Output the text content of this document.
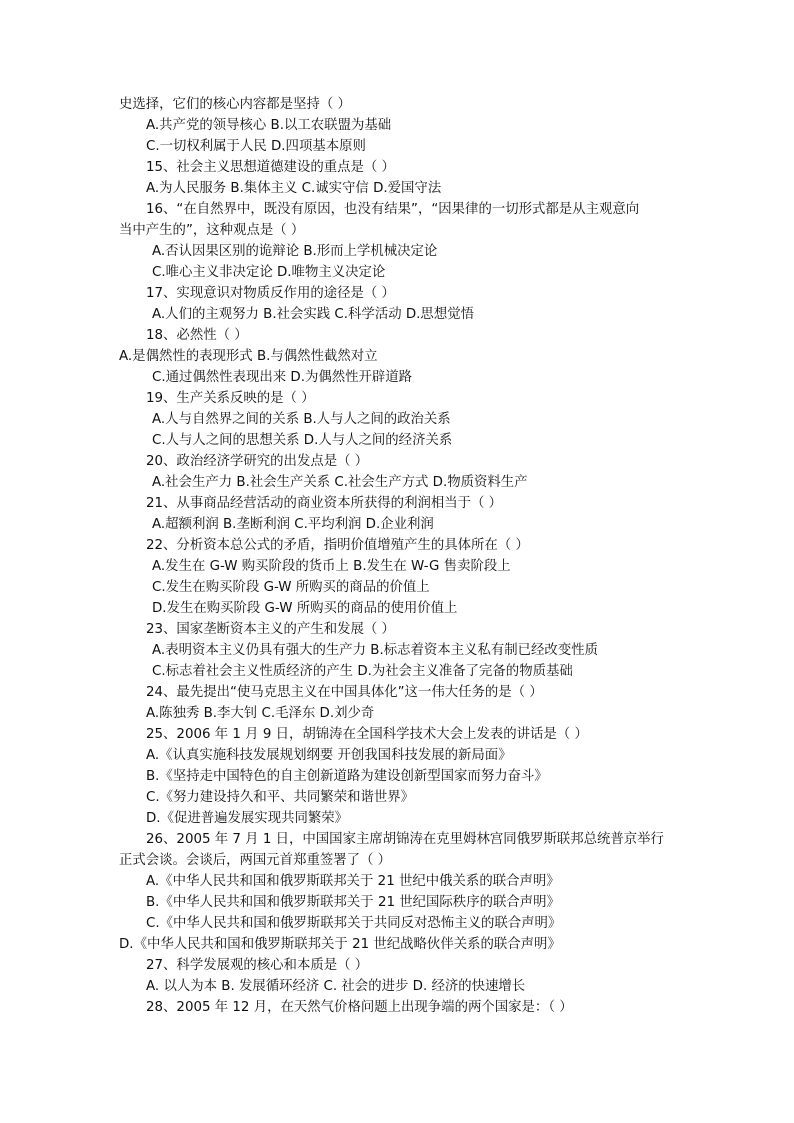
史选择，它们的核心内容都是坚持（ ）
A.共产党的领导核心 B.以工农联盟为基础
C.一切权利属于人民 D.四项基本原则
15、社会主义思想道德建设的重点是（ ）
A.为人民服务 B.集体主义 C.诚实守信 D.爱国守法
16、“在自然界中，既没有原因，也没有结果”，“因果律的一切形式都是从主观意向
当中产生的”，这种观点是（ ）
A.否认因果区别的诡辩论 B.形而上学机械决定论
C.唯心主义非决定论 D.唯物主义决定论
17、实现意识对物质反作用的途径是（ ）
A.人们的主观努力 B.社会实践 C.科学活动 D.思想觉悟
18、必然性（ ）
A.是偶然性的表现形式 B.与偶然性截然对立
C.通过偶然性表现出来 D.为偶然性开辟道路
19、生产关系反映的是（ ）
A.人与自然界之间的关系 B.人与人之间的政治关系
C.人与人之间的思想关系 D.人与人之间的经济关系
20、政治经济学研究的出发点是（ ）
A.社会生产力 B.社会生产关系 C.社会生产方式 D.物质资料生产
21、从事商品经营活动的商业资本所获得的利润相当于（ ）
A.超额利润 B.垄断利润 C.平均利润 D.企业利润
22、分析资本总公式的矛盾，指明价值增殖产生的具体所在（ ）
A.发生在 G-W 购买阶段的货币上 B.发生在 W-G 售卖阶段上
C.发生在购买阶段 G-W 所购买的商品的价值上
D.发生在购买阶段 G-W 所购买的商品的使用价值上
23、国家垄断资本主义的产生和发展（ ）
A.表明资本主义仍具有强大的生产力 B.标志着资本主义私有制已经改变性质
C.标志着社会主义性质经济的产生 D.为社会主义准备了完备的物质基础
24、最先提出“使马克思主义在中国具体化”这一伟大任务的是（ ）
A.陈独秀 B.李大钊 C.毛泽东 D.刘少奇
25、2006 年 1 月 9 日，胡锦涛在全国科学技术大会上发表的讲话是（ ）
A.《认真实施科技发展规划纲要 开创我国科技发展的新局面》
B.《坚持走中国特色的自主创新道路为建设创新型国家而努力奋斗》
C.《努力建设持久和平、共同繁荣和谐世界》
D.《促进普遍发展实现共同繁荣》
26、2005 年 7 月 1 日，中国国家主席胡锦涛在克里姆林宫同俄罗斯联邦总统普京举行
正式会谈。会谈后，两国元首郑重签署了（ ）
A.《中华人民共和国和俄罗斯联邦关于 21 世纪中俄关系的联合声明》
B.《中华人民共和国和俄罗斯联邦关于 21 世纪国际秩序的联合声明》
C.《中华人民共和国和俄罗斯联邦关于共同反对恐怖主义的联合声明》
D.《中华人民共和国和俄罗斯联邦关于 21 世纪战略伙伴关系的联合声明》
27、科学发展观的核心和本质是（ ）
A. 以人为本 B. 发展循环经济 C. 社会的进步 D. 经济的快速增长
28、2005 年 12 月，在天然气价格问题上出现争端的两个国家是：（ ）
